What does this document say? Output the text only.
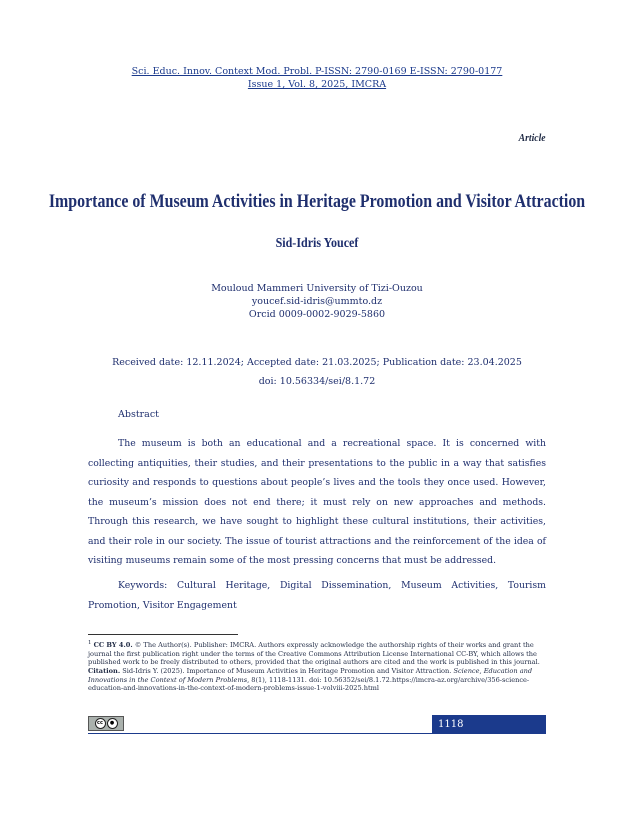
Sci. Educ. Innov. Context Mod. Probl. P-ISSN: 2790-0169 E-ISSN: 2790-0177
Issue 1, Vol. 8, 2025, IMCRA
Article
Importance of Museum Activities in Heritage Promotion and Visitor Attraction
Sid-Idris Youcef
Mouloud Mammeri University of Tizi-Ouzou
youcef.sid-idris@ummto.dz
Orcid 0009-0002-9029-5860
Received date: 12.11.2024; Accepted date: 21.03.2025; Publication date: 23.04.2025
doi: 10.56334/sei/8.1.72
Abstract
The museum is both an educational and a recreational space. It is concerned with collecting antiquities, their studies, and their presentations to the public in a way that satisfies curiosity and responds to questions about people’s lives and the tools they once used. However, the museum’s mission does not end there; it must rely on new approaches and methods. Through this research, we have sought to highlight these cultural institutions, their activities, and their role in our society. The issue of tourist attractions and the reinforcement of the idea of visiting museums remain some of the most pressing concerns that must be addressed.
Keywords: Cultural Heritage, Digital Dissemination, Museum Activities, Tourism Promotion, Visitor Engagement
$^1$ CC BY 4.0. © The Author(s). Publisher: IMCRA. Authors expressly acknowledge the authorship rights of their works and grant the journal the first publication right under the terms of the Creative Commons Attribution License International CC-BY, which allows the published work to be freely distributed to others, provided that the original authors are cited and the work is published in this journal.
Citation. Sid-Idris Y. (2025). Importance of Museum Activities in Heritage Promotion and Visitor Attraction. Science, Education and Innovations in the Context of Modern Problems, 8(1), 1118-1131. doi: 10.56352/sei/8.1.72.https://imcra-az.org/archive/356-science-education-and-innovations-in-the-context-of-modern-problems-issue-1-volviii-2025.html
cc	●	1118
